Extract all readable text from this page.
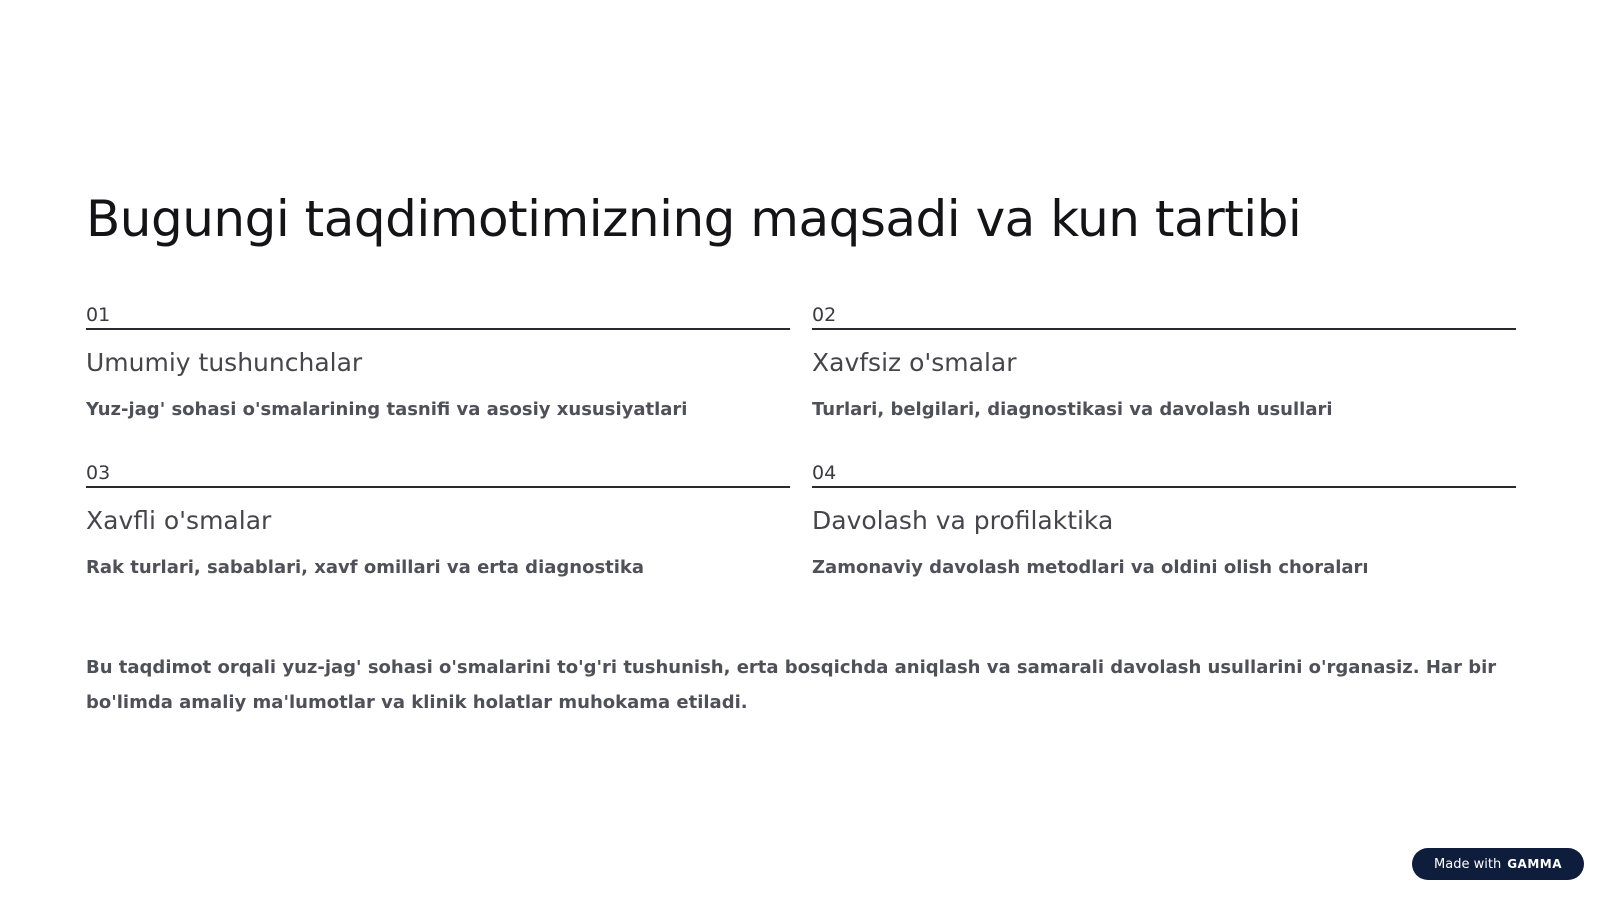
Bugungi taqdimotimizning maqsadi va kun tartibi
01
Umumiy tushunchalar

Yuz-jag' sohasi o'smalarining tasnifi va asosiy xususiyatlari

02
Xavfsiz o'smalar

Turlari, belgilari, diagnostikasi va davolash usullari

03
Xavfli o'smalar

Rak turlari, sabablari, xavf omillari va erta diagnostika

04
Davolash va profilaktika

Zamonaviy davolash metodlari va oldini olish choraları

Bu taqdimot orqali yuz-jag' sohasi o'smalarini to'g'ri tushunish, erta bosqichda aniqlash va samarali davolash usullarini o'rganasiz. Har bir bo'limda amaliy ma'lumotlar va klinik holatlar muhokama etiladi.

Made with GAMMA
